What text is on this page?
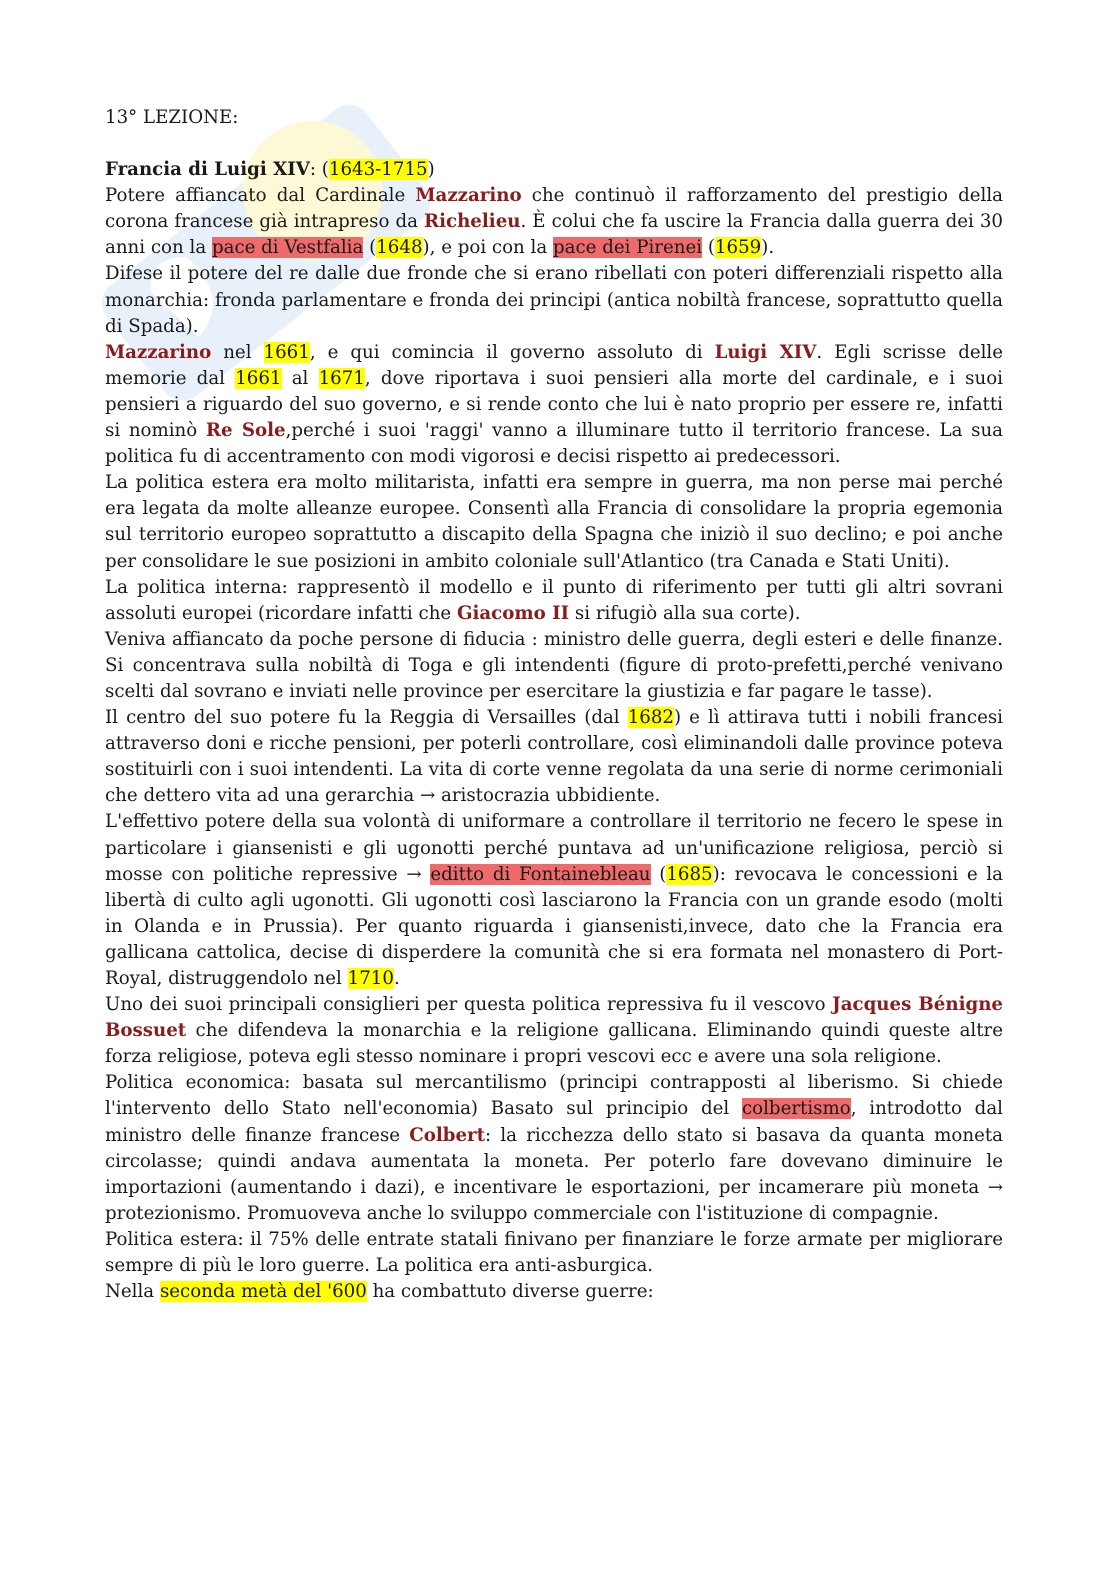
13° LEZIONE:

Francia di Luigi XIV: (1643-1715)

Potere affiancato dal Cardinale Mazzarino che continuò il rafforzamento del prestigio della corona francese già intrapreso da Richelieu. È colui che fa uscire la Francia dalla guerra dei 30 anni con la pace di Vestfalia (1648), e poi con la pace dei Pirenei (1659).

Difese il potere del re dalle due fronde che si erano ribellati con poteri differenziali rispetto alla monarchia: fronda parlamentare e fronda dei principi (antica nobiltà francese, soprattutto quella di Spada).

Mazzarino nel 1661, e qui comincia il governo assoluto di Luigi XIV. Egli scrisse delle memorie dal 1661 al 1671, dove riportava i suoi pensieri alla morte del cardinale, e i suoi pensieri a riguardo del suo governo, e si rende conto che lui è nato proprio per essere re, infatti si nominò Re Sole,perché i suoi 'raggi' vanno a illuminare tutto il territorio francese. La sua politica fu di accentramento con modi vigorosi e decisi rispetto ai predecessori.

La politica estera era molto militarista, infatti era sempre in guerra, ma non perse mai perché era legata da molte alleanze europee. Consentì alla Francia di consolidare la propria egemonia sul territorio europeo soprattutto a discapito della Spagna che iniziò il suo declino; e poi anche per consolidare le sue posizioni in ambito coloniale sull'Atlantico (tra Canada e Stati Uniti).

La politica interna: rappresentò il modello e il punto di riferimento per tutti gli altri sovrani assoluti europei (ricordare infatti che Giacomo II si rifugiò alla sua corte).

Veniva affiancato da poche persone di fiducia : ministro delle guerra, degli esteri e delle finanze. Si concentrava sulla nobiltà di Toga e gli intendenti (figure di proto-prefetti,perché venivano scelti dal sovrano e inviati nelle province per esercitare la giustizia e far pagare le tasse).

Il centro del suo potere fu la Reggia di Versailles (dal 1682) e lì attirava tutti i nobili francesi attraverso doni e ricche pensioni, per poterli controllare, così eliminandoli dalle province poteva sostituirli con i suoi intendenti. La vita di corte venne regolata da una serie di norme cerimoniali che dettero vita ad una gerarchia → aristocrazia ubbidiente.

L'effettivo potere della sua volontà di uniformare a controllare il territorio ne fecero le spese in particolare i giansenisti e gli ugonotti perché puntava ad un'unificazione religiosa, perciò si mosse con politiche repressive → editto di Fontainebleau (1685): revocava le concessioni e la libertà di culto agli ugonotti. Gli ugonotti così lasciarono la Francia con un grande esodo (molti in Olanda e in Prussia). Per quanto riguarda i giansenisti,invece, dato che la Francia era gallicana cattolica, decise di disperdere la comunità che si era formata nel monastero di Port-Royal, distruggendolo nel 1710.

Uno dei suoi principali consiglieri per questa politica repressiva fu il vescovo Jacques Bénigne Bossuet che difendeva la monarchia e la religione gallicana. Eliminando quindi queste altre forza religiose, poteva egli stesso nominare i propri vescovi ecc e avere una sola religione.

Politica economica: basata sul mercantilismo (principi contrapposti al liberismo. Si chiede l'intervento dello Stato nell'economia) Basato sul principio del colbertismo, introdotto dal ministro delle finanze francese Colbert: la ricchezza dello stato si basava da quanta moneta circolasse; quindi andava aumentata la moneta. Per poterlo fare dovevano diminuire le importazioni (aumentando i dazi), e incentivare le esportazioni, per incamerare più moneta → protezionismo. Promuoveva anche lo sviluppo commerciale con l'istituzione di compagnie.

Politica estera: il 75% delle entrate statali finivano per finanziare le forze armate per migliorare sempre di più le loro guerre. La politica era anti-asburgica.

Nella seconda metà del '600 ha combattuto diverse guerre:
